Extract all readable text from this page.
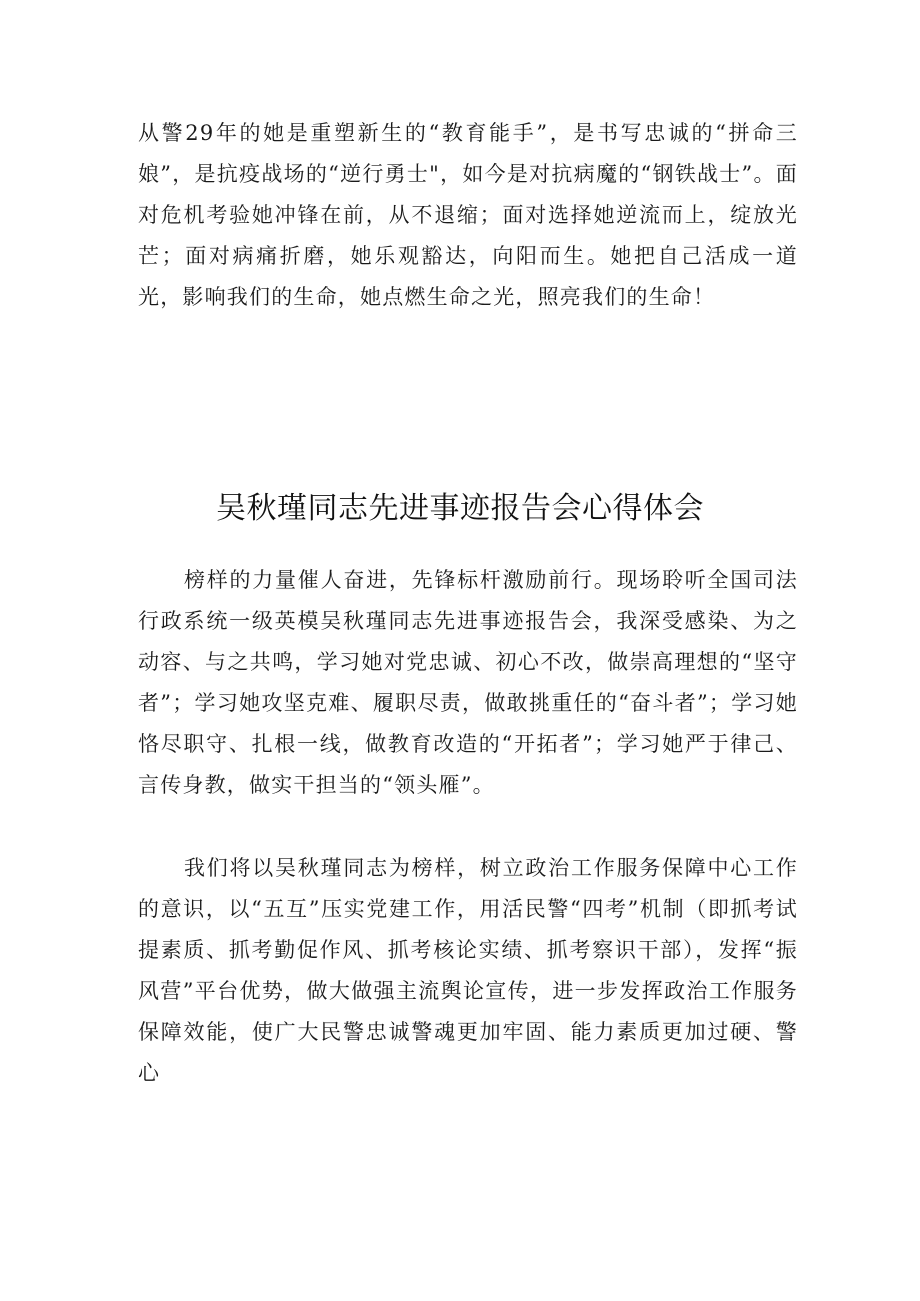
从警29年的她是重塑新生的“教育能手”，是书写忠诚的“拼命三娘”，是抗疫战场的“逆行勇士"，如今是对抗病魔的“钢铁战士”。面对危机考验她冲锋在前，从不退缩；面对选择她逆流而上，绽放光芒；面对病痛折磨，她乐观豁达，向阳而生。她把自己活成一道光，影响我们的生命，她点燃生命之光，照亮我们的生命！

吴秋瑾同志先进事迹报告会心得体会

榜样的力量催人奋进，先锋标杆激励前行。现场聆听全国司法行政系统一级英模吴秋瑾同志先进事迹报告会，我深受感染、为之动容、与之共鸣，学习她对党忠诚、初心不改，做崇高理想的“坚守者”；学习她攻坚克难、履职尽责，做敢挑重任的“奋斗者”；学习她恪尽职守、扎根一线，做教育改造的“开拓者”；学习她严于律己、言传身教，做实干担当的“领头雁”。

我们将以吴秋瑾同志为榜样，树立政治工作服务保障中心工作的意识，以“五互”压实党建工作，用活民警“四考”机制（即抓考试提素质、抓考勤促作风、抓考核论实绩、抓考察识干部），发挥“振风营”平台优势，做大做强主流舆论宣传，进一步发挥政治工作服务保障效能，使广大民警忠诚警魂更加牢固、能力素质更加过硬、警心
